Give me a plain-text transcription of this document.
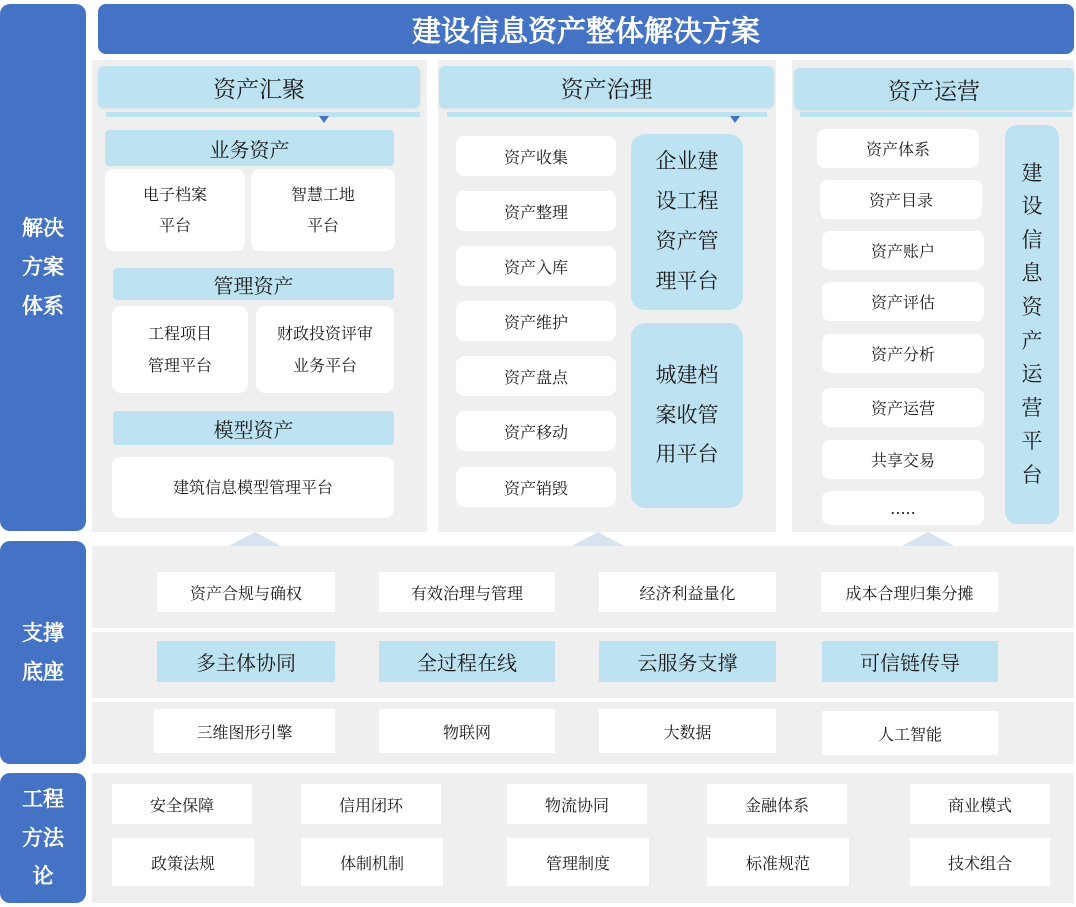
解决
方案
体系
支撑
底座
工程
方法
论
建设信息资产整体解决方案
资产汇聚
业务资产
电子档案
平台
智慧工地
平台
管理资产
工程项目
管理平台
财政投资评审
业务平台
模型资产
建筑信息模型管理平台
资产治理
资产收集
资产整理
资产入库
资产维护
资产盘点
资产移动
资产销毁
企业建
设工程
资产管
理平台
城建档
案收管
用平台
资产运营
资产体系
资产目录
资产账户
资产评估
资产分析
资产运营
共享交易
.....
建
设
信
息
资
产
运
营
平
台
资产合规与确权	有效治理与管理	经济利益量化	成本合理归集分摊
多主体协同	全过程在线	云服务支撑	可信链传导
三维图形引擎	物联网	大数据	人工智能
安全保障	信用闭环	物流协同	金融体系	商业模式
政策法规	体制机制	管理制度	标准规范	技术组合
